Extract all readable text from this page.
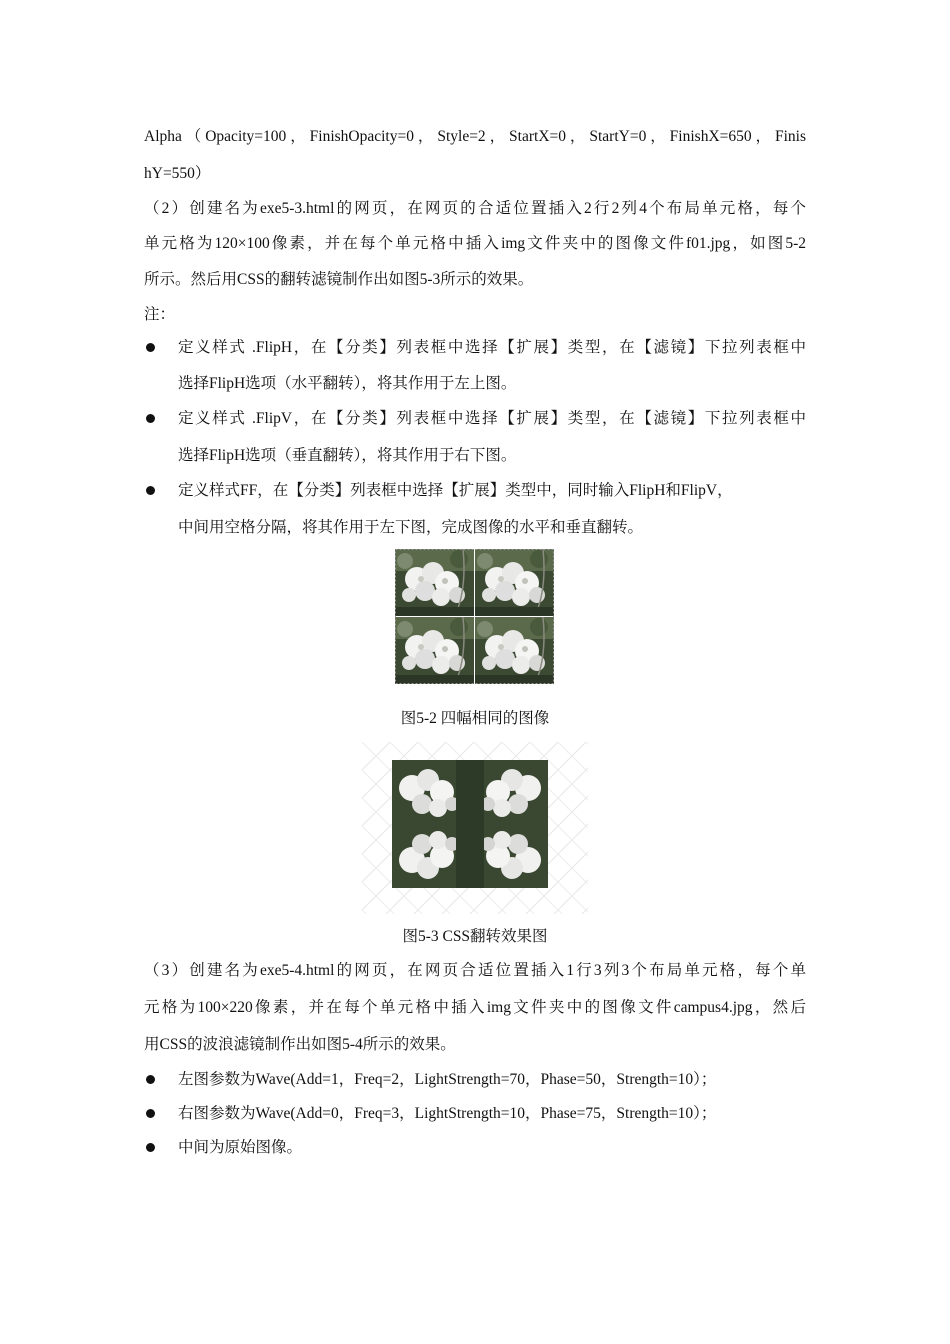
Alpha（Opacity=100，FinishOpacity=0，Style=2，StartX=0，StartY=0，FinishX=650，Finis
hY=550）
（2）创建名为exe5-3.html的网页，在网页的合适位置插入2行2列4个布局单元格，每个
单元格为120×100像素，并在每个单元格中插入img文件夹中的图像文件f01.jpg，如图5-2
所示。然后用CSS的翻转滤镜制作出如图5-3所示的效果。
注：
定义样式 .FlipH，在【分类】列表框中选择【扩展】类型，在【滤镜】下拉列表框中
选择FlipH选项（水平翻转），将其作用于左上图。
定义样式 .FlipV，在【分类】列表框中选择【扩展】类型，在【滤镜】下拉列表框中
选择FlipH选项（垂直翻转），将其作用于右下图。
定义样式FF，在【分类】列表框中选择【扩展】类型中，同时输入FlipH和FlipV，
中间用空格分隔，将其作用于左下图，完成图像的水平和垂直翻转。
图5-2 四幅相同的图像
图5-3 CSS翻转效果图
（3）创建名为exe5-4.html的网页，在网页合适位置插入1行3列3个布局单元格，每个单
元格为100×220像素，并在每个单元格中插入img文件夹中的图像文件campus4.jpg，然后
用CSS的波浪滤镜制作出如图5-4所示的效果。
左图参数为Wave(Add=1，Freq=2，LightStrength=70，Phase=50，Strength=10）；
右图参数为Wave(Add=0，Freq=3，LightStrength=10，Phase=75，Strength=10）；
中间为原始图像。
